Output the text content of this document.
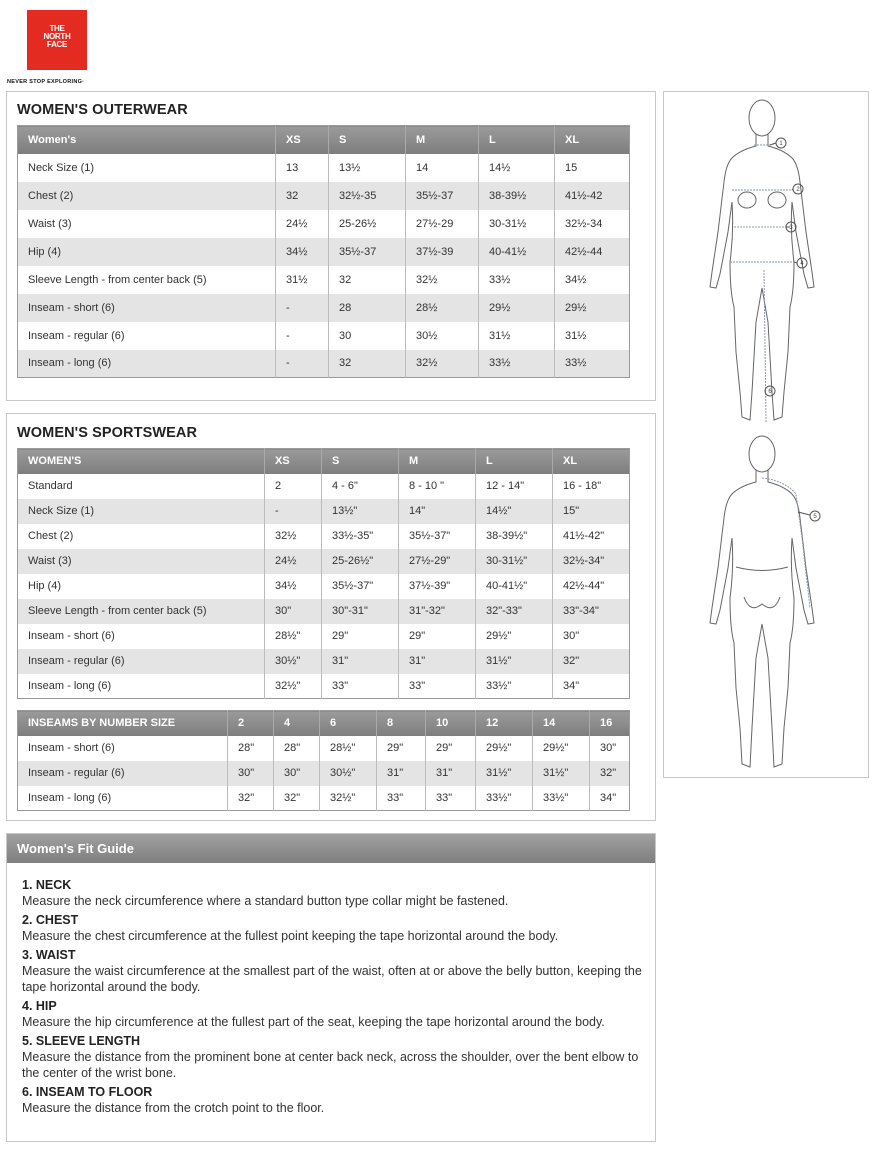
THE
NORTH
FACE
NEVER STOP EXPLORING·
WOMEN'S OUTERWEAR
Women's	XS	S	M	L	XL
Neck Size (1)	13	13½	14	14½	15
Chest (2)	32	32½-35	35½-37	38-39½	41½-42
Waist (3)	24½	25-26½	27½-29	30-31½	32½-34
Hip (4)	34½	35½-37	37½-39	40-41½	42½-44
Sleeve Length - from center back (5)	31½	32	32½	33½	34½
Inseam - short (6)	-	28	28½	29½	29½
Inseam - regular (6)	-	30	30½	31½	31½
Inseam - long (6)	-	32	32½	33½	33½
WOMEN'S SPORTSWEAR
WOMEN'S	XS	S	M	L	XL
Standard	2	4 - 6"	8 - 10 "	12 - 14"	16 - 18"
Neck Size (1)	-	13½"	14"	14½"	15"
Chest (2)	32½	33½-35"	35½-37"	38-39½"	41½-42"
Waist (3)	24½	25-26½"	27½-29"	30-31½"	32½-34"
Hip (4)	34½	35½-37"	37½-39"	40-41½"	42½-44"
Sleeve Length - from center back (5)	30"	30"-31"	31"-32"	32"-33"	33"-34"
Inseam - short (6)	28½"	29"	29"	29½"	30"
Inseam - regular (6)	30½"	31"	31"	31½"	32"
Inseam - long (6)	32½"	33"	33"	33½"	34"
INSEAMS BY NUMBER SIZE	2	4	6	8	10	12	14	16
Inseam - short (6)	28"	28"	28½"	29"	29"	29½"	29½"	30"
Inseam - regular (6)	30"	30"	30½"	31"	31"	31½"	31½"	32"
Inseam - long (6)	32"	32"	32½"	33"	33"	33½"	33½"	34"
1
2
3
4
6
5
Women's Fit Guide
1. NECK
Measure the neck circumference where a standard button type collar might be fastened.
2. CHEST
Measure the chest circumference at the fullest point keeping the tape horizontal around the body.
3. WAIST
Measure the waist circumference at the smallest part of the waist, often at or above the belly button, keeping the tape horizontal around the body.
4. HIP
Measure the hip circumference at the fullest part of the seat, keeping the tape horizontal around the body.
5. SLEEVE LENGTH
Measure the distance from the prominent bone at center back neck, across the shoulder, over the bent elbow to the center of the wrist bone.
6. INSEAM TO FLOOR
Measure the distance from the crotch point to the floor.
